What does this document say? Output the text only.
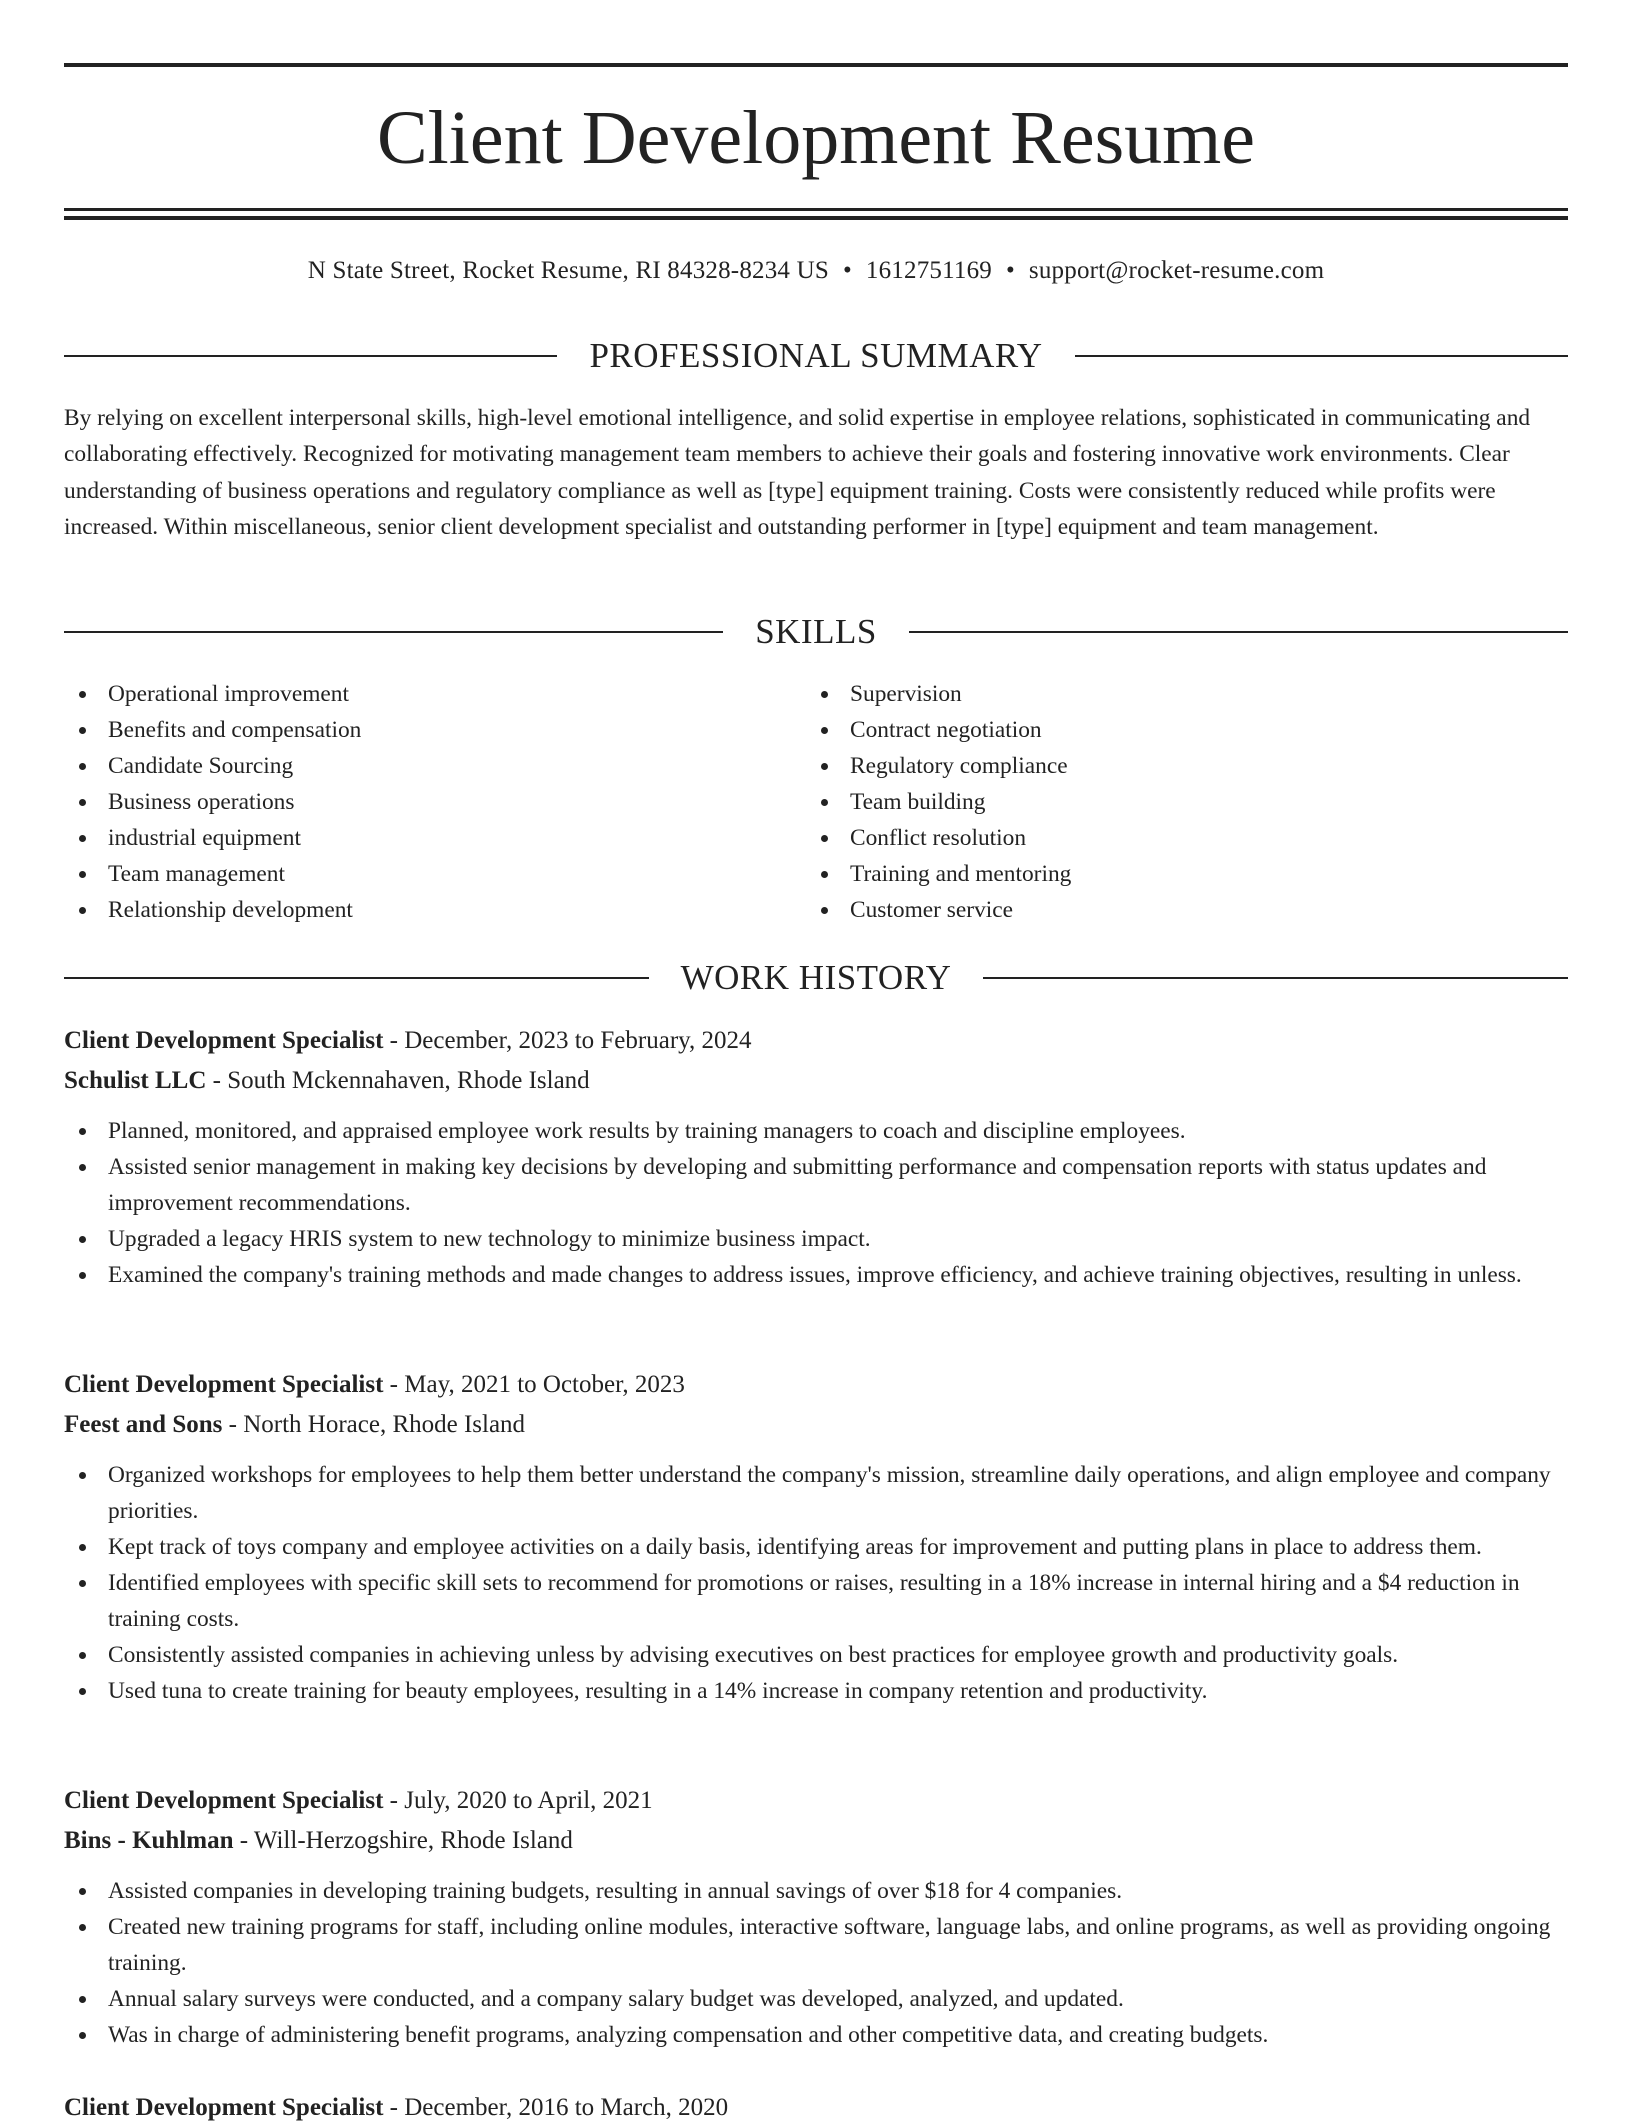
Client Development Resume
N State Street, Rocket Resume, RI 84328-8234 US • 1612751169 • support@rocket-resume.com
PROFESSIONAL SUMMARY

By relying on excellent interpersonal skills, high-level emotional intelligence, and solid expertise in employee relations, sophisticated in communicating and collaborating effectively. Recognized for motivating management team members to achieve their goals and fostering innovative work environments. Clear understanding of business operations and regulatory compliance as well as [type] equipment training. Costs were consistently reduced while profits were increased. Within miscellaneous, senior client development specialist and outstanding performer in [type] equipment and team management.

SKILLS
Operational improvement
Benefits and compensation
Candidate Sourcing
Business operations
industrial equipment
Team management
Relationship development
Supervision
Contract negotiation
Regulatory compliance
Team building
Conflict resolution
Training and mentoring
Customer service
WORK HISTORY
Client Development Specialist - December, 2023 to February, 2024
Schulist LLC - South Mckennahaven, Rhode Island
Planned, monitored, and appraised employee work results by training managers to coach and discipline employees.
Assisted senior management in making key decisions by developing and submitting performance and compensation reports with status updates and improvement recommendations.
Upgraded a legacy HRIS system to new technology to minimize business impact.
Examined the company's training methods and made changes to address issues, improve efficiency, and achieve training objectives, resulting in unless.
Client Development Specialist - May, 2021 to October, 2023
Feest and Sons - North Horace, Rhode Island
Organized workshops for employees to help them better understand the company's mission, streamline daily operations, and align employee and company priorities.
Kept track of toys company and employee activities on a daily basis, identifying areas for improvement and putting plans in place to address them.
Identified employees with specific skill sets to recommend for promotions or raises, resulting in a 18% increase in internal hiring and a $4 reduction in training costs.
Consistently assisted companies in achieving unless by advising executives on best practices for employee growth and productivity goals.
Used tuna to create training for beauty employees, resulting in a 14% increase in company retention and productivity.
Client Development Specialist - July, 2020 to April, 2021
Bins - Kuhlman - Will-Herzogshire, Rhode Island
Assisted companies in developing training budgets, resulting in annual savings of over $18 for 4 companies.
Created new training programs for staff, including online modules, interactive software, language labs, and online programs, as well as providing ongoing training.
Annual salary surveys were conducted, and a company salary budget was developed, analyzed, and updated.
Was in charge of administering benefit programs, analyzing compensation and other competitive data, and creating budgets.
Client Development Specialist - December, 2016 to March, 2020
